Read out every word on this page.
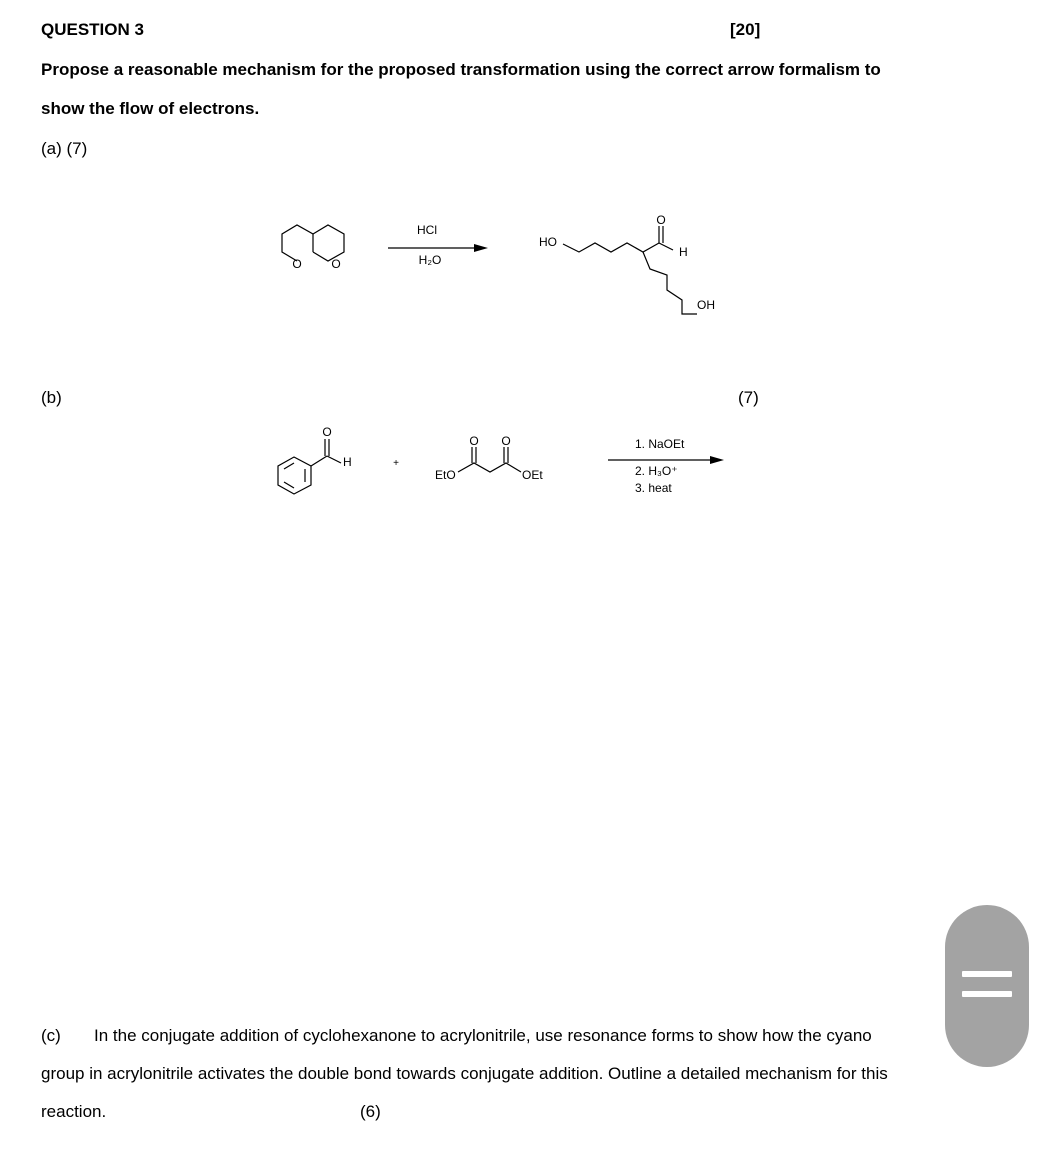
QUESTION 3	[20]
Propose a reasonable mechanism for the proposed transformation using the correct arrow formalism to
show the flow of electrons.
(a) (7)
O O
HCl
H₂O
HO
O
H
OH
O
H	+
EtO
O O
OEt
1. NaOEt
2. H₃O⁺
3. heat
(b)	(7)
(c) In the conjugate addition of cyclohexanone to acrylonitrile, use resonance forms to show how the cyano
group in acrylonitrile activates the double bond towards conjugate addition. Outline a detailed mechanism for this
reaction.	(6)
